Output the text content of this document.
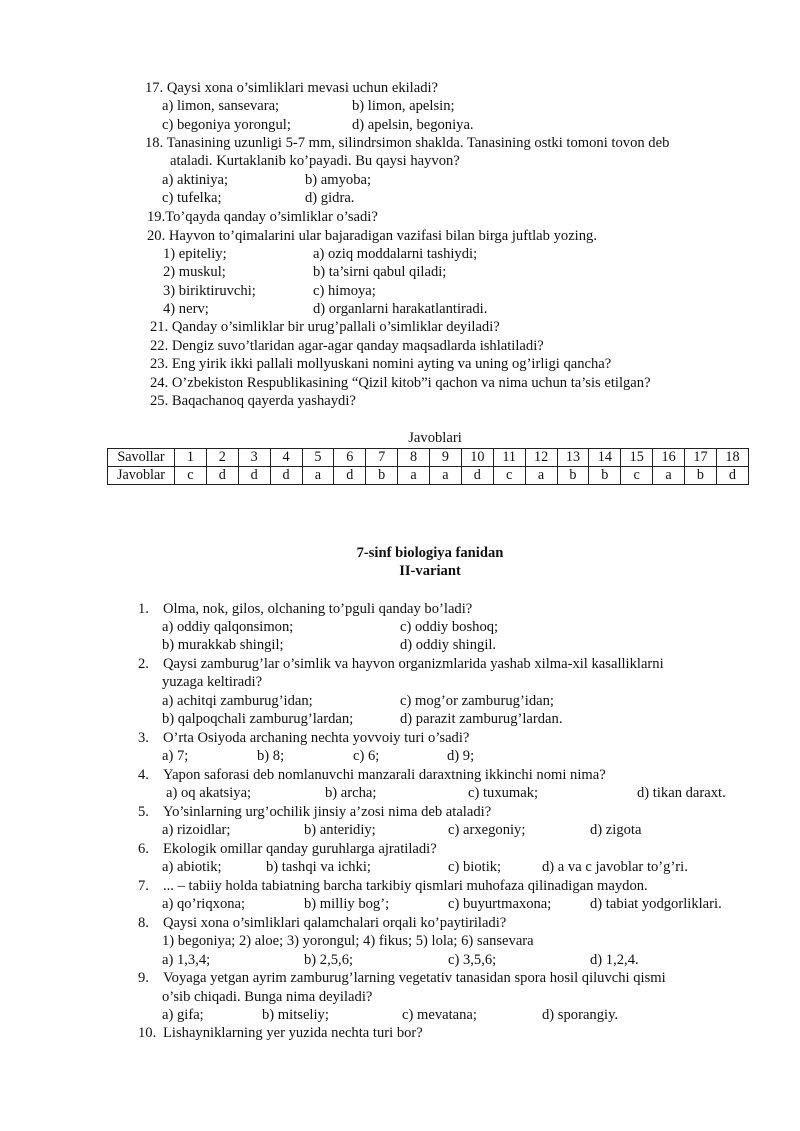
17. Qaysi xona o’simliklari mevasi uchun ekiladi?
a) limon, sansevara;	b) limon, apelsin;
c) begoniya yorongul;	d) apelsin, begoniya.
18. Tanasining uzunligi 5-7 mm, silindrsimon shaklda. Tanasining ostki tomoni tovon deb
ataladi. Kurtaklanib ko’payadi. Bu qaysi hayvon?
a) aktiniya;	b) amyoba;
c) tufelka;	d) gidra.
19.To’qayda qanday o’simliklar o’sadi?
20. Hayvon to’qimalarini ular bajaradigan vazifasi bilan birga juftlab yozing.
1) epiteliy;	a) oziq moddalarni tashiydi;
2) muskul;	b) ta’sirni qabul qiladi;
3) biriktiruvchi;	c) himoya;
4) nerv;	d) organlarni harakatlantiradi.
21. Qanday o’simliklar bir urug’pallali o’simliklar deyiladi?
22. Dengiz suvo’tlaridan agar-agar qanday maqsadlarda ishlatiladi?
23. Eng yirik ikki pallali mollyuskani nomini ayting va uning og’irligi qancha?
24. O’zbekiston Respublikasining “Qizil kitob”i qachon va nima uchun ta’sis etilgan?
25. Baqachanoq qayerda yashaydi?
Javoblari
Savollar	1	2	3	4	5	6	7	8	9	10	11	12	13	14	15	16	17	18
Javoblar	c	d	d	d	a	d	b	a	a	d	c	a	b	b	c	a	b	d
7-sinf biologiya fanidan
II-variant
1. Olma, nok, gilos, olchaning to’pguli qanday bo’ladi?
a) oddiy qalqonsimon;	c) oddiy boshoq;
b) murakkab shingil;	d) oddiy shingil.
2. Qaysi zamburug’lar o’simlik va hayvon organizmlarida yashab xilma-xil kasalliklarni
yuzaga keltiradi?
a) achitqi zamburug’idan;	c) mog’or zamburug’idan;
b) qalpoqchali zamburug’lardan;	d) parazit zamburug’lardan.
3. O’rta Osiyoda archaning nechta yovvoiy turi o’sadi?
a) 7;	b) 8;	c) 6;	d) 9;
4. Yapon saforasi deb nomlanuvchi manzarali daraxtning ikkinchi nomi nima?
a) oq akatsiya;	b) archa;	c) tuxumak;	d) tikan daraxt.
5. Yo’sinlarning urg’ochilik jinsiy a’zosi nima deb ataladi?
a) rizoidlar;	b) anteridiy;	c) arxegoniy;	d) zigota
6. Ekologik omillar qanday guruhlarga ajratiladi?
a) abiotik;	b) tashqi va ichki;	c) biotik;	d) a va c javoblar to’g’ri.
7. ... – tabiiy holda tabiatning barcha tarkibiy qismlari muhofaza qilinadigan maydon.
a) qo’riqxona;	b) milliy bog’;	c) buyurtmaxona;	d) tabiat yodgorliklari.
8. Qaysi xona o’simliklari qalamchalari orqali ko’paytiriladi?
1) begoniya; 2) aloe; 3) yorongul; 4) fikus; 5) lola; 6) sansevara
a) 1,3,4;	b) 2,5,6;	c) 3,5,6;	d) 1,2,4.
9. Voyaga yetgan ayrim zamburug’larning vegetativ tanasidan spora hosil qiluvchi qismi
o’sib chiqadi. Bunga nima deyiladi?
a) gifa;	b) mitseliy;	c) mevatana;	d) sporangiy.
10. Lishayniklarning yer yuzida nechta turi bor?
